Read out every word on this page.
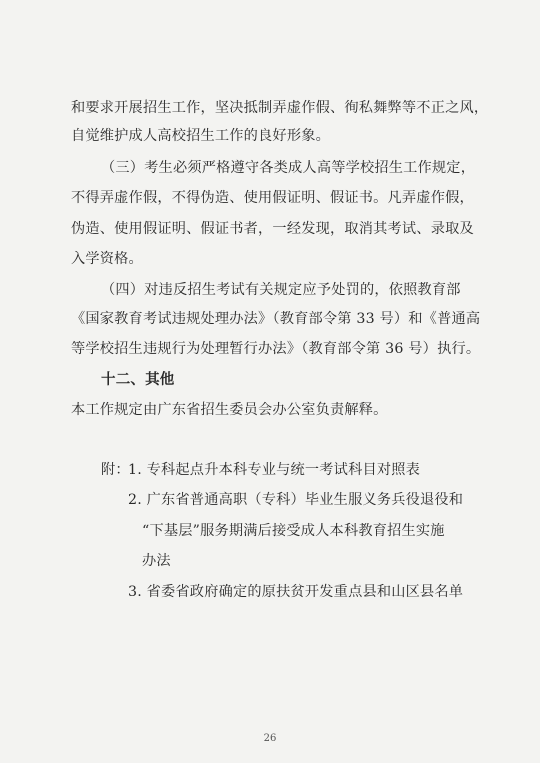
和要求开展招生工作，坚决抵制弄虚作假、徇私舞弊等不正之风，
自觉维护成人高校招生工作的良好形象。
（三）考生必须严格遵守各类成人高等学校招生工作规定，
不得弄虚作假，不得伪造、使用假证明、假证书。凡弄虚作假，
伪造、使用假证明、假证书者，一经发现，取消其考试、录取及
入学资格。
（四）对违反招生考试有关规定应予处罚的，依照教育部
《国家教育考试违规处理办法》（教育部令第 33 号）和《普通高
等学校招生违规行为处理暂行办法》（教育部令第 36 号）执行。
十二、其他
本工作规定由广东省招生委员会办公室负责解释。
附：
1. 专科起点升本科专业与统一考试科目对照表
2. 广东省普通高职（专科）毕业生服义务兵役退役和
“下基层”服务期满后接受成人本科教育招生实施
办法
3. 省委省政府确定的原扶贫开发重点县和山区县名单
26
